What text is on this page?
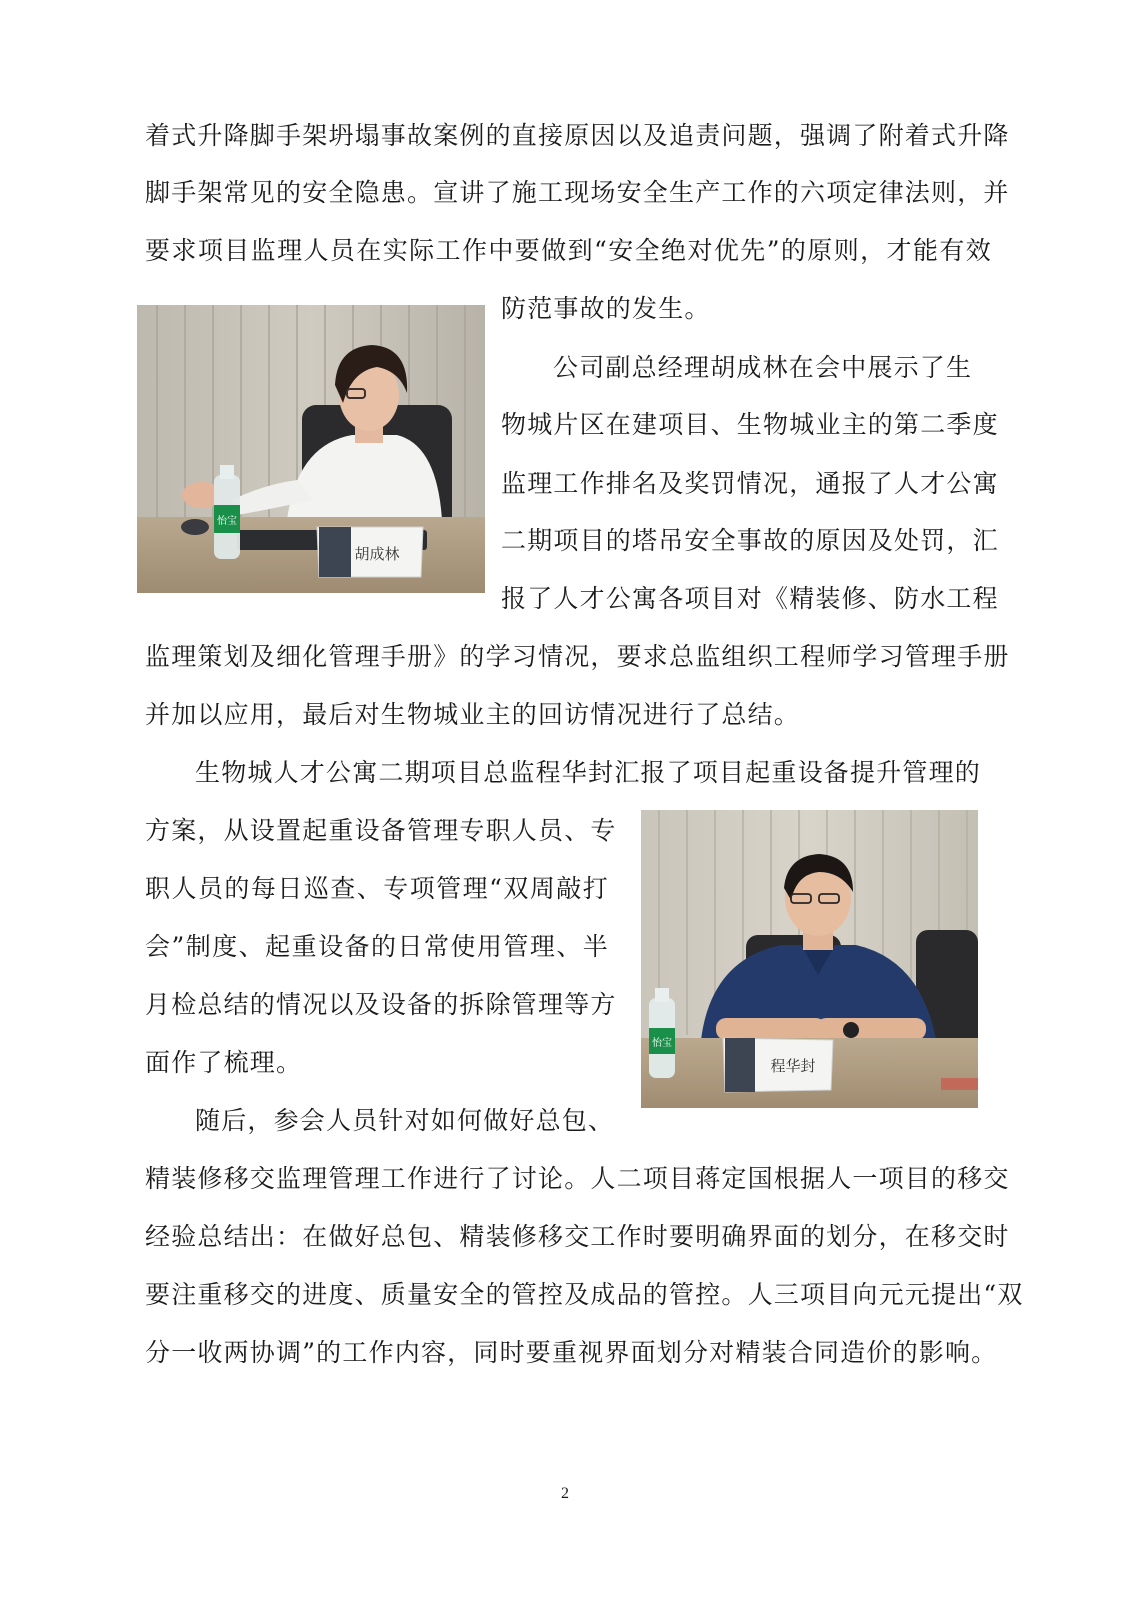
着式升降脚手架坍塌事故案例的直接原因以及追责问题，强调了附着式升降
脚手架常见的安全隐患。宣讲了施工现场安全生产工作的六项定律法则，并
要求项目监理人员在实际工作中要做到“安全绝对优先”的原则，才能有效
防范事故的发生。
怡宝
胡成林
公司副总经理胡成林在会中展示了生
物城片区在建项目、生物城业主的第二季度
监理工作排名及奖罚情况，通报了人才公寓
二期项目的塔吊安全事故的原因及处罚，汇
报了人才公寓各项目对《精装修、防水工程
监理策划及细化管理手册》的学习情况，要求总监组织工程师学习管理手册
并加以应用，最后对生物城业主的回访情况进行了总结。
生物城人才公寓二期项目总监程华封汇报了项目起重设备提升管理的
方案，从设置起重设备管理专职人员、专
职人员的每日巡查、专项管理“双周敲打
会”制度、起重设备的日常使用管理、半
月检总结的情况以及设备的拆除管理等方
面作了梳理。
怡宝
程华封
随后，参会人员针对如何做好总包、
精装修移交监理管理工作进行了讨论。人二项目蒋定国根据人一项目的移交
经验总结出：在做好总包、精装修移交工作时要明确界面的划分，在移交时
要注重移交的进度、质量安全的管控及成品的管控。人三项目向元元提出“双
分一收两协调”的工作内容，同时要重视界面划分对精装合同造价的影响。
2
